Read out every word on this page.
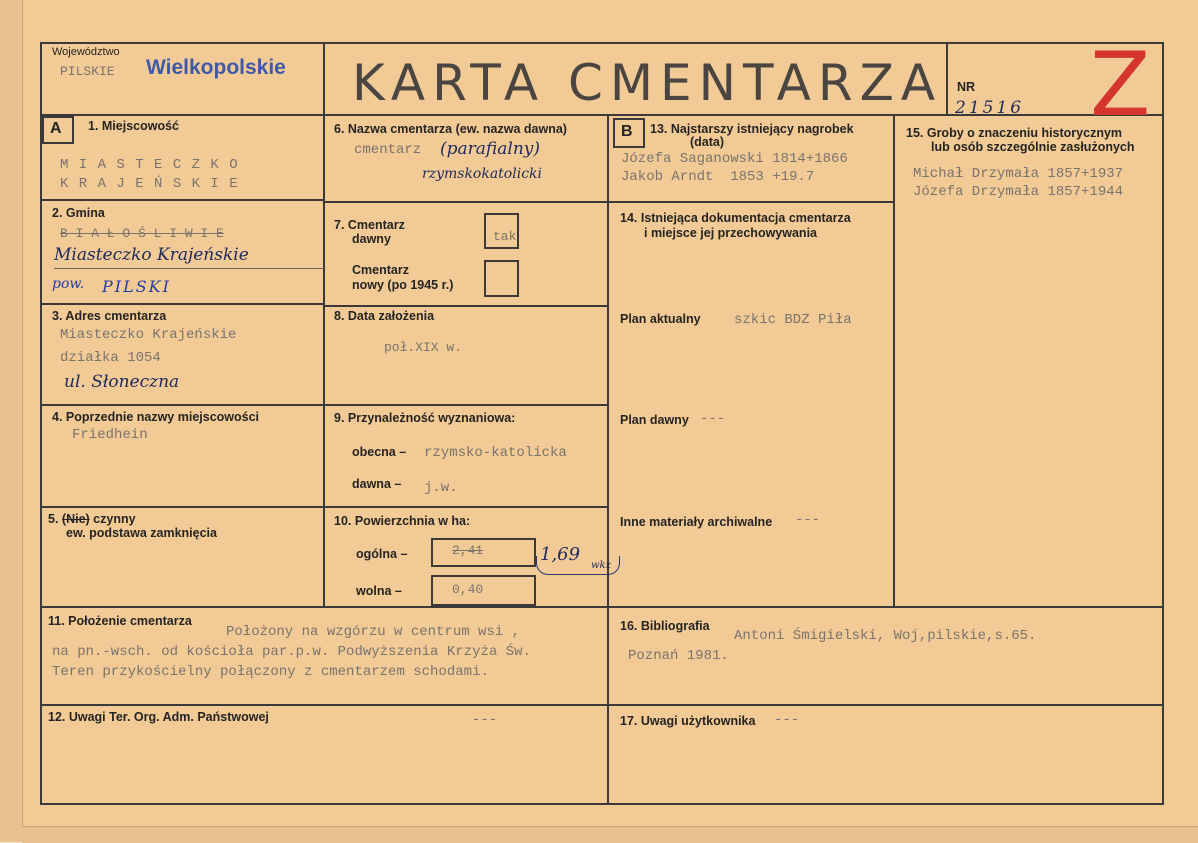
Województwo
PILSKIE Wielkopolskie KARTA CMENTARZA NR
21516 Z
A 1. Miejscowość
M I A S T E C Z K O
K R A J E Ń S K I E
2. Gmina
B I A Ł O Ś L I W I E
Miasteczko Krajeńskie
pow. PILSKI
3. Adres cmentarza
Miasteczko Krajeńskie
działka 1054
ul. Słoneczna
4. Poprzednie nazwy miejscowości
Friedhein
5. (Nie) czynny
ew. podstawa zamknięcia
6. Nazwa cmentarza (ew. nazwa dawna)
cmentarz (parafialny)
rzymskokatolicki
7. Cmentarz
dawny	tak
Cmentarz
nowy (po 1945 r.)
8. Data założenia
poł.XIX w.
9. Przynależność wyznaniowa:
obecna – rzymsko-katolicka
dawna – j.w.
10. Powierzchnia w ha:
ogólna –	2,41	1,69
wkz
wolna –	0,40
B 13. Najstarszy istniejący nagrobek
(data)
Józefa Saganowski 1814+1866
Jakob Arndt  1853 +19.7
14. Istniejąca dokumentacja cmentarza
i miejsce jej przechowywania
Plan aktualny szkic BDZ Piła
Plan dawny ---
Inne materiały archiwalne ---
15. Groby o znaczeniu historycznym
lub osób szczególnie zasłużonych
Michał Drzymała 1857+1937
Józefa Drzymała 1857+1944
11. Położenie cmentarza
Położony na wzgórzu w centrum wsi ,
na pn.-wsch. od kościoła par.p.w. Podwyższenia Krzyża Św.
Teren przykościelny połączony z cmentarzem schodami.
16. Bibliografia
Antoni Śmigielski, Woj,pilskie,s.65.
Poznań 1981.
12. Uwagi Ter. Org. Adm. Państwowej	---	17. Uwagi użytkownika ---
